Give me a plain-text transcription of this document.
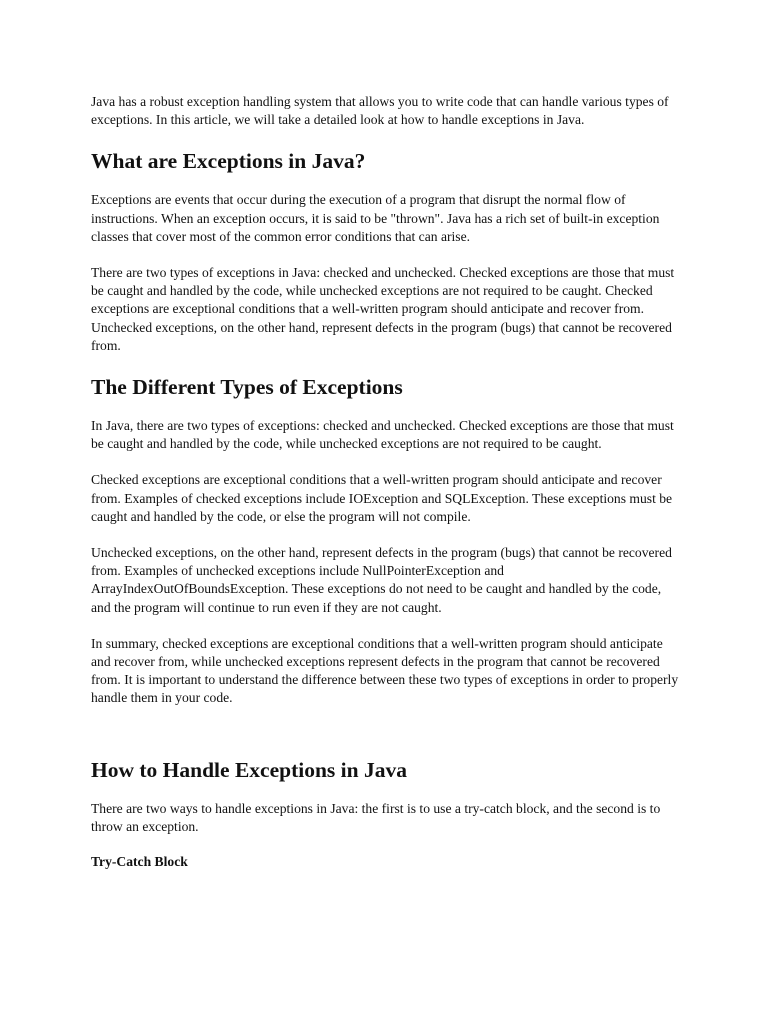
Java has a robust exception handling system that allows you to write code that can handle various types of exceptions. In this article, we will take a detailed look at how to handle exceptions in Java.

What are Exceptions in Java?

Exceptions are events that occur during the execution of a program that disrupt the normal flow of instructions. When an exception occurs, it is said to be "thrown". Java has a rich set of built-in exception classes that cover most of the common error conditions that can arise.

There are two types of exceptions in Java: checked and unchecked. Checked exceptions are those that must be caught and handled by the code, while unchecked exceptions are not required to be caught. Checked exceptions are exceptional conditions that a well-written program should anticipate and recover from. Unchecked exceptions, on the other hand, represent defects in the program (bugs) that cannot be recovered from.

The Different Types of Exceptions

In Java, there are two types of exceptions: checked and unchecked. Checked exceptions are those that must be caught and handled by the code, while unchecked exceptions are not required to be caught.

Checked exceptions are exceptional conditions that a well-written program should anticipate and recover from. Examples of checked exceptions include IOException and SQLException. These exceptions must be caught and handled by the code, or else the program will not compile.

Unchecked exceptions, on the other hand, represent defects in the program (bugs) that cannot be recovered from. Examples of unchecked exceptions include NullPointerException and ArrayIndexOutOfBoundsException. These exceptions do not need to be caught and handled by the code, and the program will continue to run even if they are not caught.

In summary, checked exceptions are exceptional conditions that a well-written program should anticipate and recover from, while unchecked exceptions represent defects in the program that cannot be recovered from. It is important to understand the difference between these two types of exceptions in order to properly handle them in your code.

How to Handle Exceptions in Java

There are two ways to handle exceptions in Java: the first is to use a try-catch block, and the second is to throw an exception.

Try-Catch Block
